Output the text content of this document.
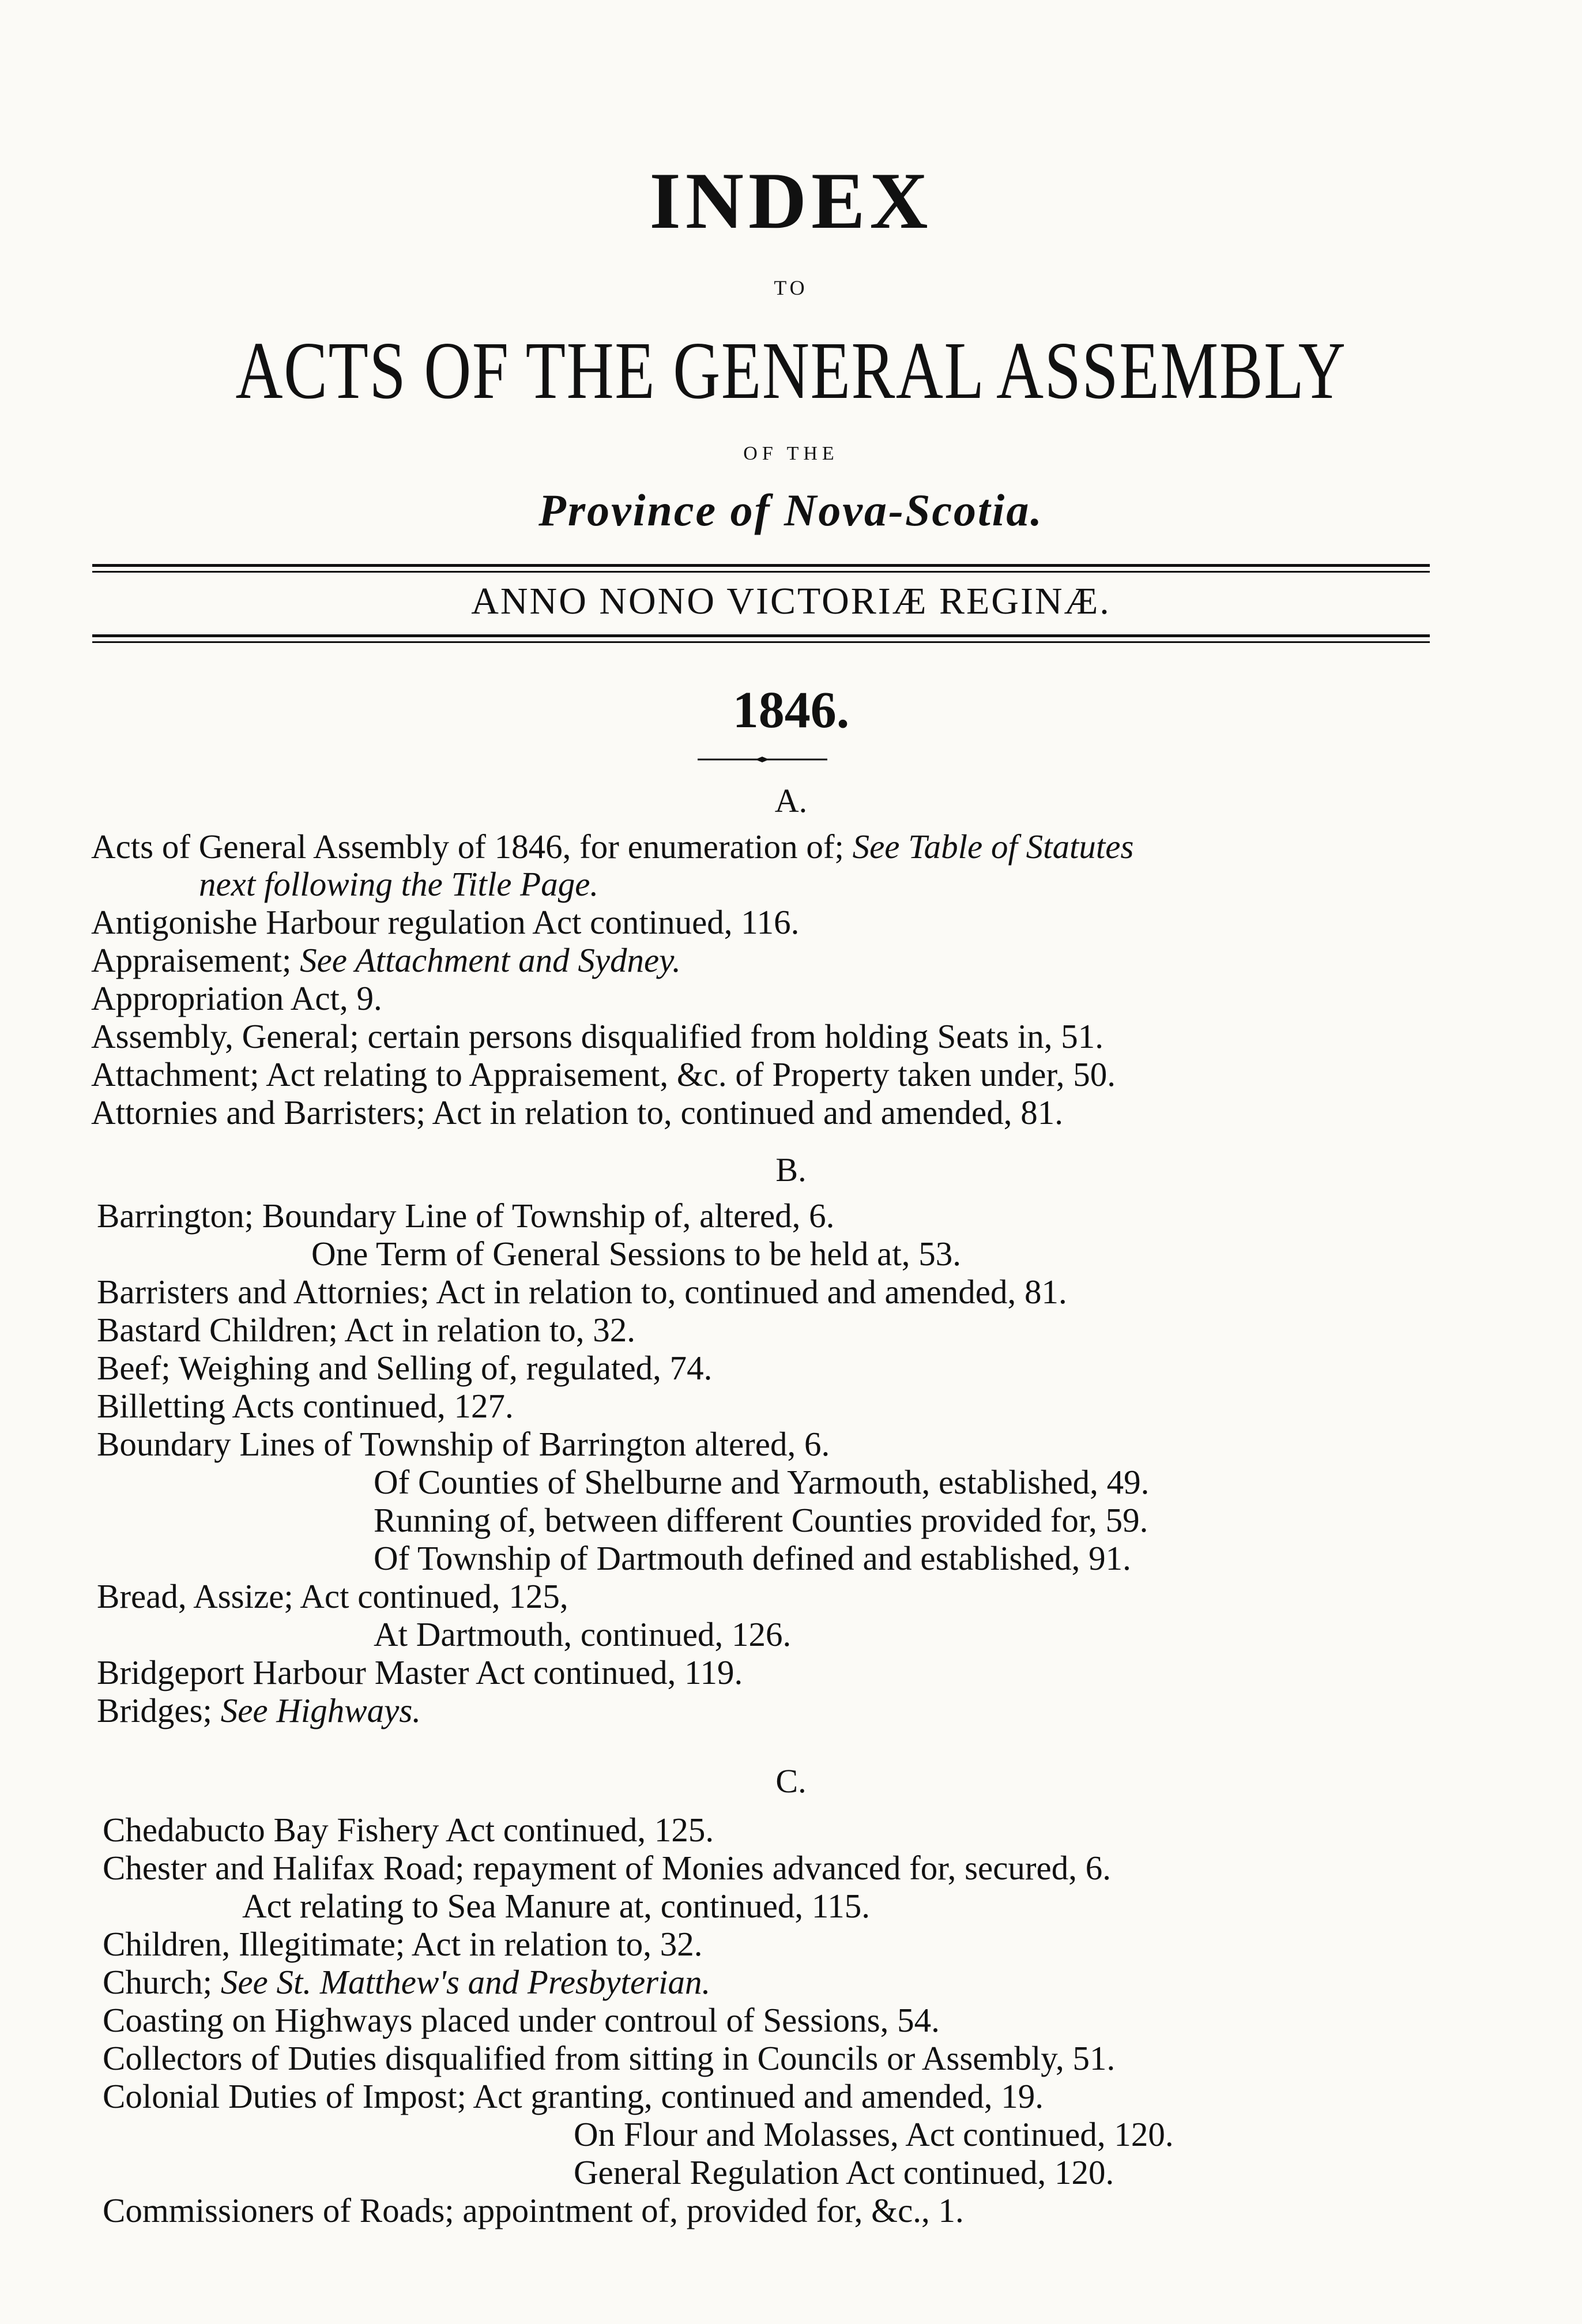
INDEX
TO
ACTS OF THE GENERAL ASSEMBLY
OF THE
Province of Nova-Scotia.
ANNO NONO VICTORIÆ REGINÆ.
1846.
A.
Acts of General Assembly of 1846, for enumeration of; See Table of Statutes
next following the Title Page.
Antigonishe Harbour regulation Act continued, 116.
Appraisement; See Attachment and Sydney.
Appropriation Act, 9.
Assembly, General; certain persons disqualified from holding Seats in, 51.
Attachment; Act relating to Appraisement, &c. of Property taken under, 50.
Attornies and Barristers; Act in relation to, continued and amended, 81.
B.
Barrington; Boundary Line of Township of, altered, 6.
One Term of General Sessions to be held at, 53.
Barristers and Attornies; Act in relation to, continued and amended, 81.
Bastard Children; Act in relation to, 32.
Beef; Weighing and Selling of, regulated, 74.
Billetting Acts continued, 127.
Boundary Lines of Township of Barrington altered, 6.
Of Counties of Shelburne and Yarmouth, established, 49.
Running of, between different Counties provided for, 59.
Of Township of Dartmouth defined and established, 91.
Bread, Assize; Act continued, 125,
At Dartmouth, continued, 126.
Bridgeport Harbour Master Act continued, 119.
Bridges; See Highways.
C.
Chedabucto Bay Fishery Act continued, 125.
Chester and Halifax Road; repayment of Monies advanced for, secured, 6.
Act relating to Sea Manure at, continued, 115.
Children, Illegitimate; Act in relation to, 32.
Church; See St. Matthew's and Presbyterian.
Coasting on Highways placed under controul of Sessions, 54.
Collectors of Duties disqualified from sitting in Councils or Assembly, 51.
Colonial Duties of Impost; Act granting, continued and amended, 19.
On Flour and Molasses, Act continued, 120.
General Regulation Act continued, 120.
Commissioners of Roads; appointment of, provided for, &c., 1.
